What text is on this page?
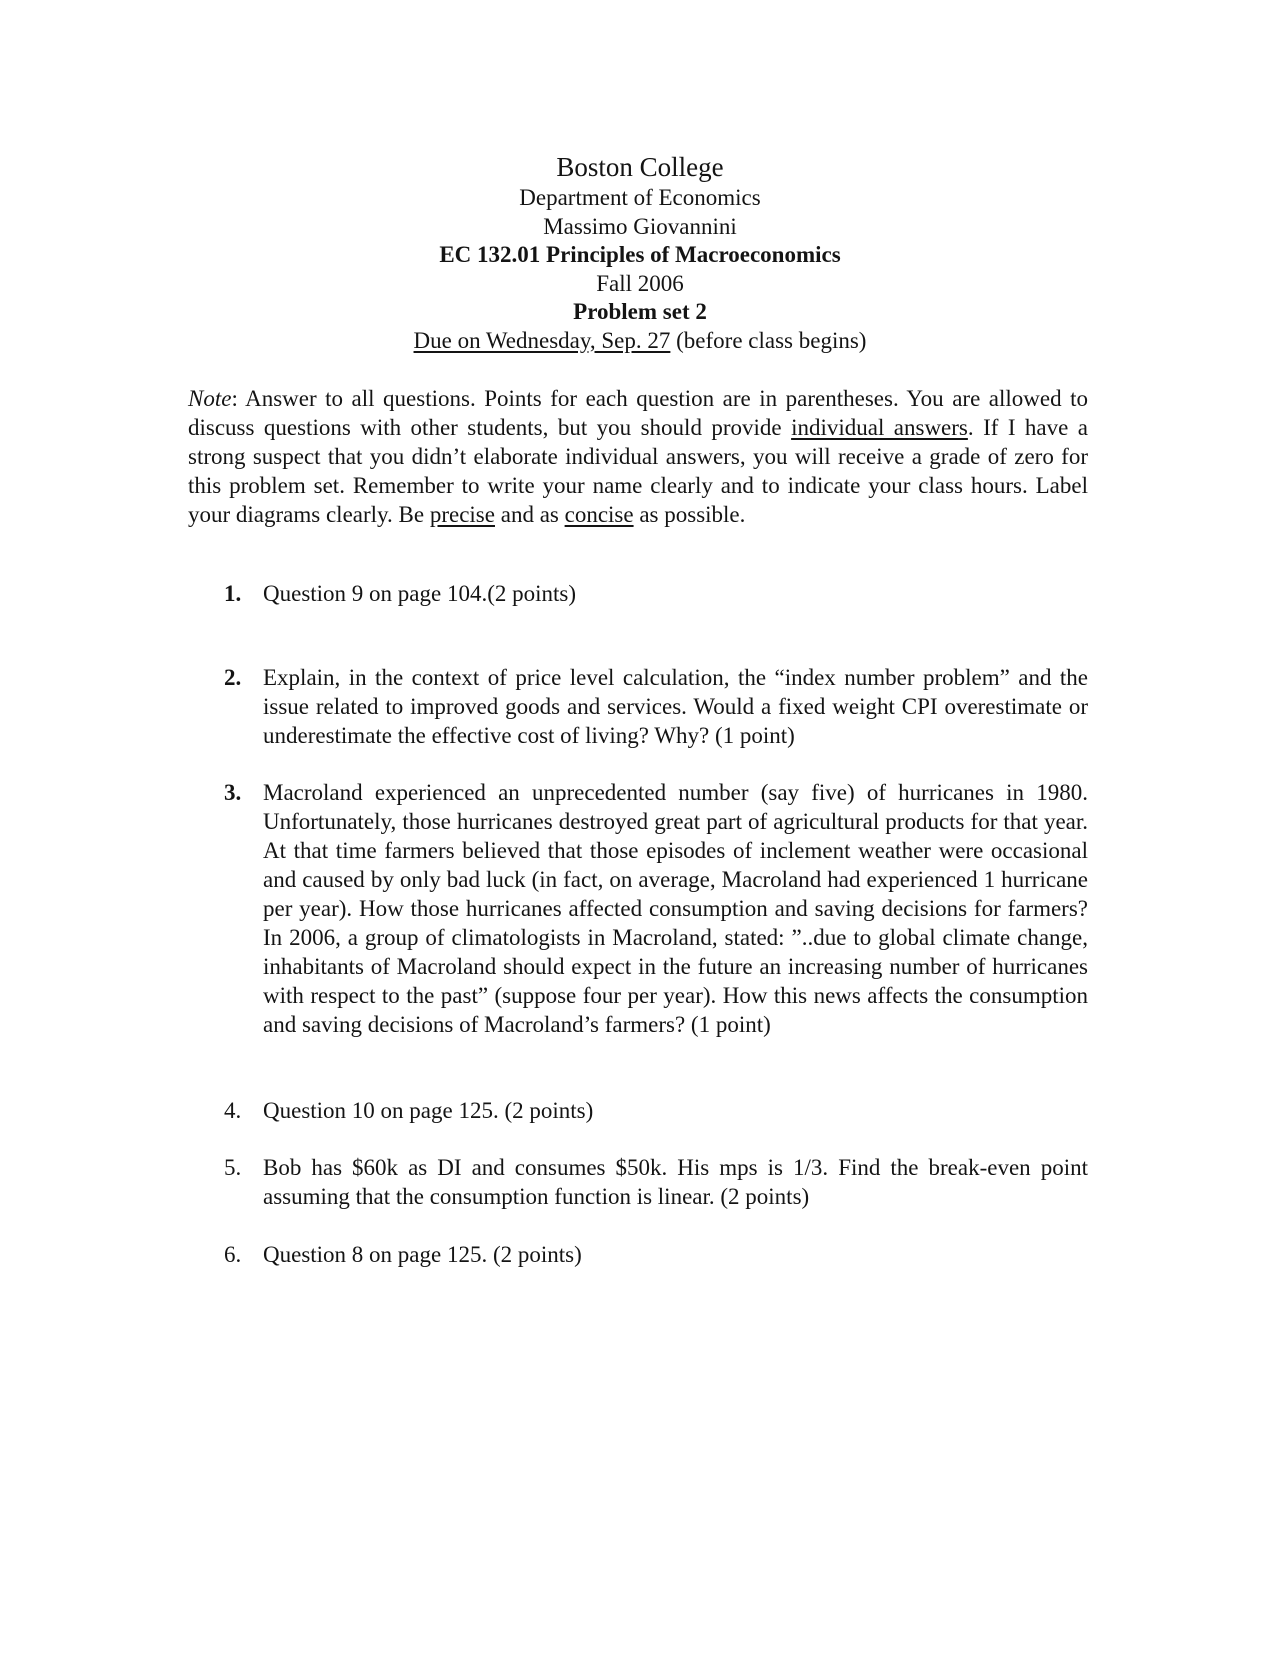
Boston College

Department of Economics

Massimo Giovannini

EC 132.01 Principles of Macroeconomics

Fall 2006

Problem set 2

Due on Wednesday, Sep. 27 (before class begins)

Note: Answer to all questions. Points for each question are in parentheses. You are allowed to discuss questions with other students, but you should provide individual answers. If I have a strong suspect that you didn’t elaborate individual answers, you will receive a grade of zero for this problem set. Remember to write your name clearly and to indicate your class hours. Label your diagrams clearly. Be precise and as concise as possible.

1. Question 9 on page 104.(2 points)
2. Explain, in the context of price level calculation, the “index number problem” and the issue related to improved goods and services. Would a fixed weight CPI overestimate or underestimate the effective cost of living? Why? (1 point)
3. Macroland experienced an unprecedented number (say five) of hurricanes in 1980. Unfortunately, those hurricanes destroyed great part of agricultural products for that year. At that time farmers believed that those episodes of inclement weather were occasional and caused by only bad luck (in fact, on average, Macroland had experienced 1 hurricane per year). How those hurricanes affected consumption and saving decisions for farmers? In 2006, a group of climatologists in Macroland, stated: ”..due to global climate change, inhabitants of Macroland should expect in the future an increasing number of hurricanes with respect to the past” (suppose four per year). How this news affects the consumption and saving decisions of Macroland’s farmers? (1 point)
4. Question 10 on page 125. (2 points)
5. Bob has $60k as DI and consumes $50k. His mps is 1/3. Find the break-even point assuming that the consumption function is linear. (2 points)
6. Question 8 on page 125. (2 points)
